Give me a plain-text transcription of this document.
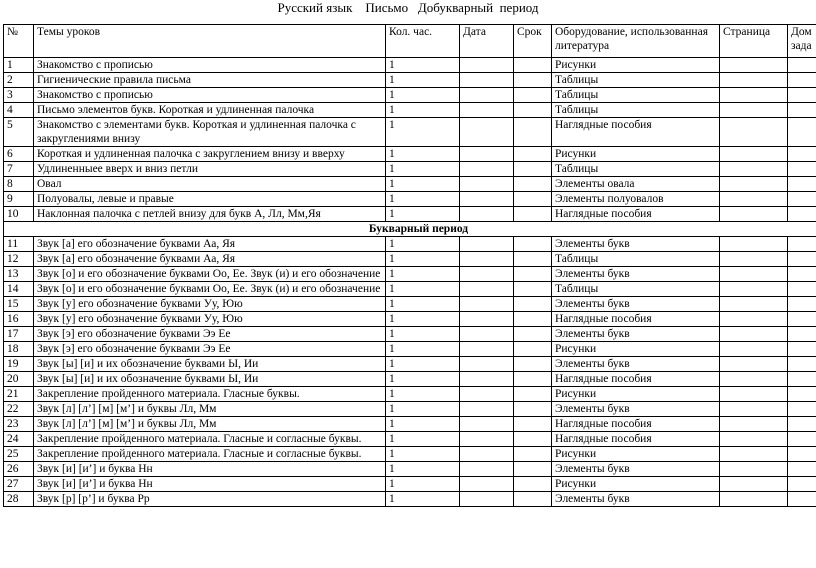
Русский язык    Письмо   Добукварный  период
№	Темы уроков	Кол. час.	Дата	Срок	Оборудование, использованная литература	Страница	Дом
зада

1	Знакомство с прописью	1			Рисунки		
2	Гигиенические правила письма	1			Таблицы		
3	Знакомство с прописью	1			Таблицы		
4	Письмо элементов букв. Короткая и удлиненная палочка	1			Таблицы		
5	Знакомство с элементами букв. Короткая и удлиненная палочка с закруглениями внизу	1			Наглядные пособия		
6	Короткая и удлиненная палочка с закруглением внизу и вверху	1			Рисунки		
7	Удлиненныее вверх и вниз петли	1			Таблицы		
8	Овал	1			Элементы овала		
9	Полуовалы, левые и правые	1			Элементы полуовалов		
10	Наклонная палочка с петлей внизу для букв А, Лл, Мм,Яя	1			Наглядные пособия		
Букварный период							
11	Звук [а] его обозначение буквами Аа, Яя	1			Элементы букв		
12	Звук [а] его обозначение буквами Аа, Яя	1			Таблицы		
13	Звук [о] и его обозначение буквами Оо, Ее. Звук (и) и его обозначение	1			Элементы букв		
14	Звук [о] и его обозначение буквами Оо, Ее. Звук (и) и его обозначение	1			Таблицы		
15	Звук [у] его обозначение буквами Уу, Юю	1			Элементы букв		
16	Звук [у] его обозначение буквами Уу, Юю	1			Наглядные пособия		
17	Звук [э] его обозначение буквами Ээ Ее	1			Элементы букв		
18	Звук [э] его обозначение буквами Ээ Ее	1			Рисунки		
19	Звук [ы] [и] и их обозначение буквами Ы, Ии	1			Элементы букв		
20	Звук [ы] [и] и их обозначение буквами Ы, Ии	1			Наглядные пособия		
21	Закрепление пройденного материала. Гласные буквы.	1			Рисунки		
22	Звук [л] [л’] [м] [м’] и буквы Лл, Мм	1			Элементы букв		
23	Звук [л] [л’] [м] [м’] и буквы Лл, Мм	1			Наглядные пособия		
24	Закрепление пройденного материала. Гласные и согласные буквы.	1			Наглядные пособия		
25	Закрепление пройденного материала. Гласные и согласные буквы.	1			Рисунки		
26	Звук [и] [и’] и буква Нн	1			Элементы букв		
27	Звук [и] [и’] и буква Нн	1			Рисунки		
28	Звук [р] [р’] и буква Рр	1			Элементы букв		
